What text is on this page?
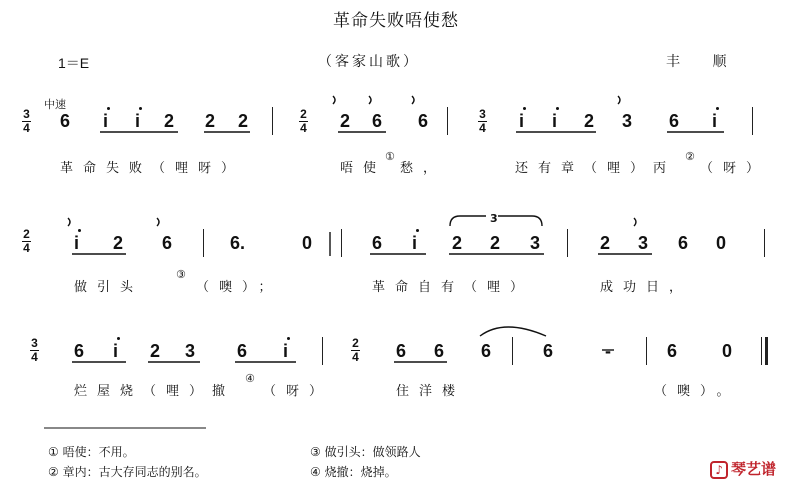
革命失败唔使愁
1＝E	（客家山歌）	丰 顺
中速
3
4 6 i i 2 2 2	2
4 2 6 6	3
4 i i 2 3 6 i
革命失败（哩呀）	唔使
①
愁，	还有章（哩）丙
②
（呀）
2
4 i 2 6	6.	0	6 i 2 2 3
3
2 3 6 0
做引头
③
（噢）；	革命自有（哩）	成功日，
3
4 6 i 2 3 6 i	2
4 6 6 6	6	-	6 0
烂屋烧（哩）撤
④
（呀）	住洋楼	（噢）。
① 唔使：不用。
② 章内：古大存同志的别名。
③ 做引头：做领路人
④ 烧撤：烧掉。	♪ 琴艺谱
